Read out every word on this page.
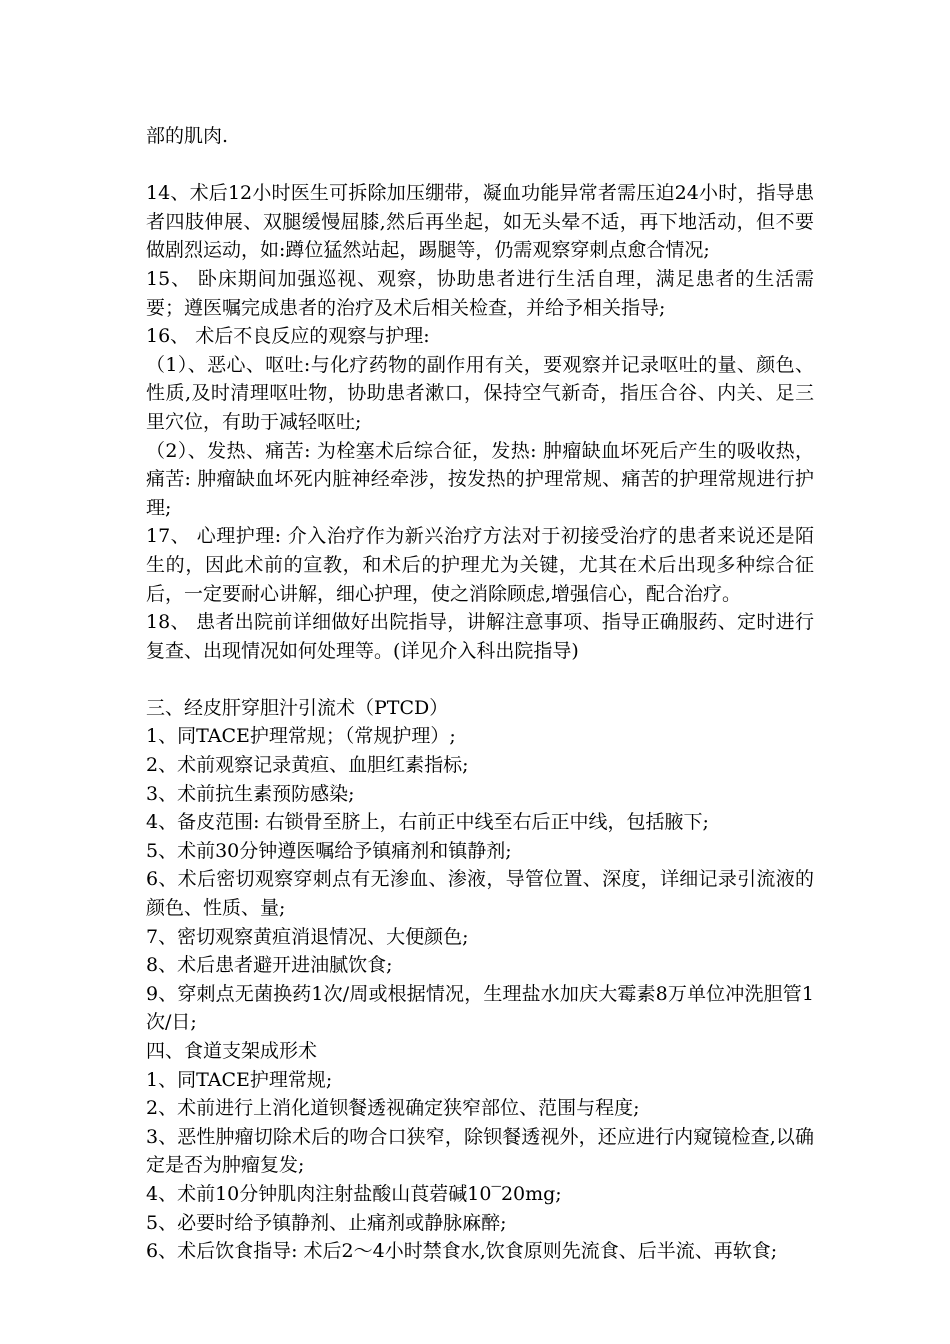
部的肌肉.

14、术后12小时医生可拆除加压绷带，凝血功能异常者需压迫24小时，指导患者四肢伸展、双腿缓慢屈膝,然后再坐起，如无头晕不适，再下地活动，但不要做剧烈运动，如:蹲位猛然站起，踢腿等，仍需观察穿刺点愈合情况;

15、 卧床期间加强巡视、观察，协助患者进行生活自理，满足患者的生活需要；遵医嘱完成患者的治疗及术后相关检查，并给予相关指导;

16、 术后不良反应的观察与护理:

（1）、恶心、呕吐:与化疗药物的副作用有关，要观察并记录呕吐的量、颜色、性质,及时清理呕吐物，协助患者漱口，保持空气新奇，指压合谷、内关、足三里穴位，有助于减轻呕吐;

（2）、发热、痛苦: 为栓塞术后综合征，发热: 肿瘤缺血坏死后产生的吸收热，痛苦: 肿瘤缺血坏死内脏神经牵涉，按发热的护理常规、痛苦的护理常规进行护理;

17、 心理护理: 介入治疗作为新兴治疗方法对于初接受治疗的患者来说还是陌生的，因此术前的宣教，和术后的护理尤为关键，尤其在术后出现多种综合征后，一定要耐心讲解，细心护理，使之消除顾虑,增强信心，配合治疗。

18、 患者出院前详细做好出院指导，讲解注意事项、指导正确服药、定时进行复查、出现情况如何处理等。(详见介入科出院指导)

三、经皮肝穿胆汁引流术（PTCD）

1、同TACE护理常规；（常规护理）;

2、术前观察记录黄疸、血胆红素指标;

3、术前抗生素预防感染;

4、备皮范围: 右锁骨至脐上，右前正中线至右后正中线，包括腋下;

5、术前30分钟遵医嘱给予镇痛剂和镇静剂;

6、术后密切观察穿刺点有无渗血、渗液，导管位置、深度，详细记录引流液的颜色、性质、量;

7、密切观察黄疸消退情况、大便颜色;

8、术后患者避开进油腻饮食;

9、穿刺点无菌换药1次/周或根据情况，生理盐水加庆大霉素8万单位冲洗胆管1次/日;

四、食道支架成形术

1、同TACE护理常规;

2、术前进行上消化道钡餐透视确定狭窄部位、范围与程度;

3、恶性肿瘤切除术后的吻合口狭窄，除钡餐透视外，还应进行内窥镜检查,以确定是否为肿瘤复发;

4、术前10分钟肌肉注射盐酸山莨菪碱10‾20mg;

5、必要时给予镇静剂、止痛剂或静脉麻醉;

6、术后饮食指导: 术后2～4小时禁食水,饮食原则先流食、后半流、再软食;
